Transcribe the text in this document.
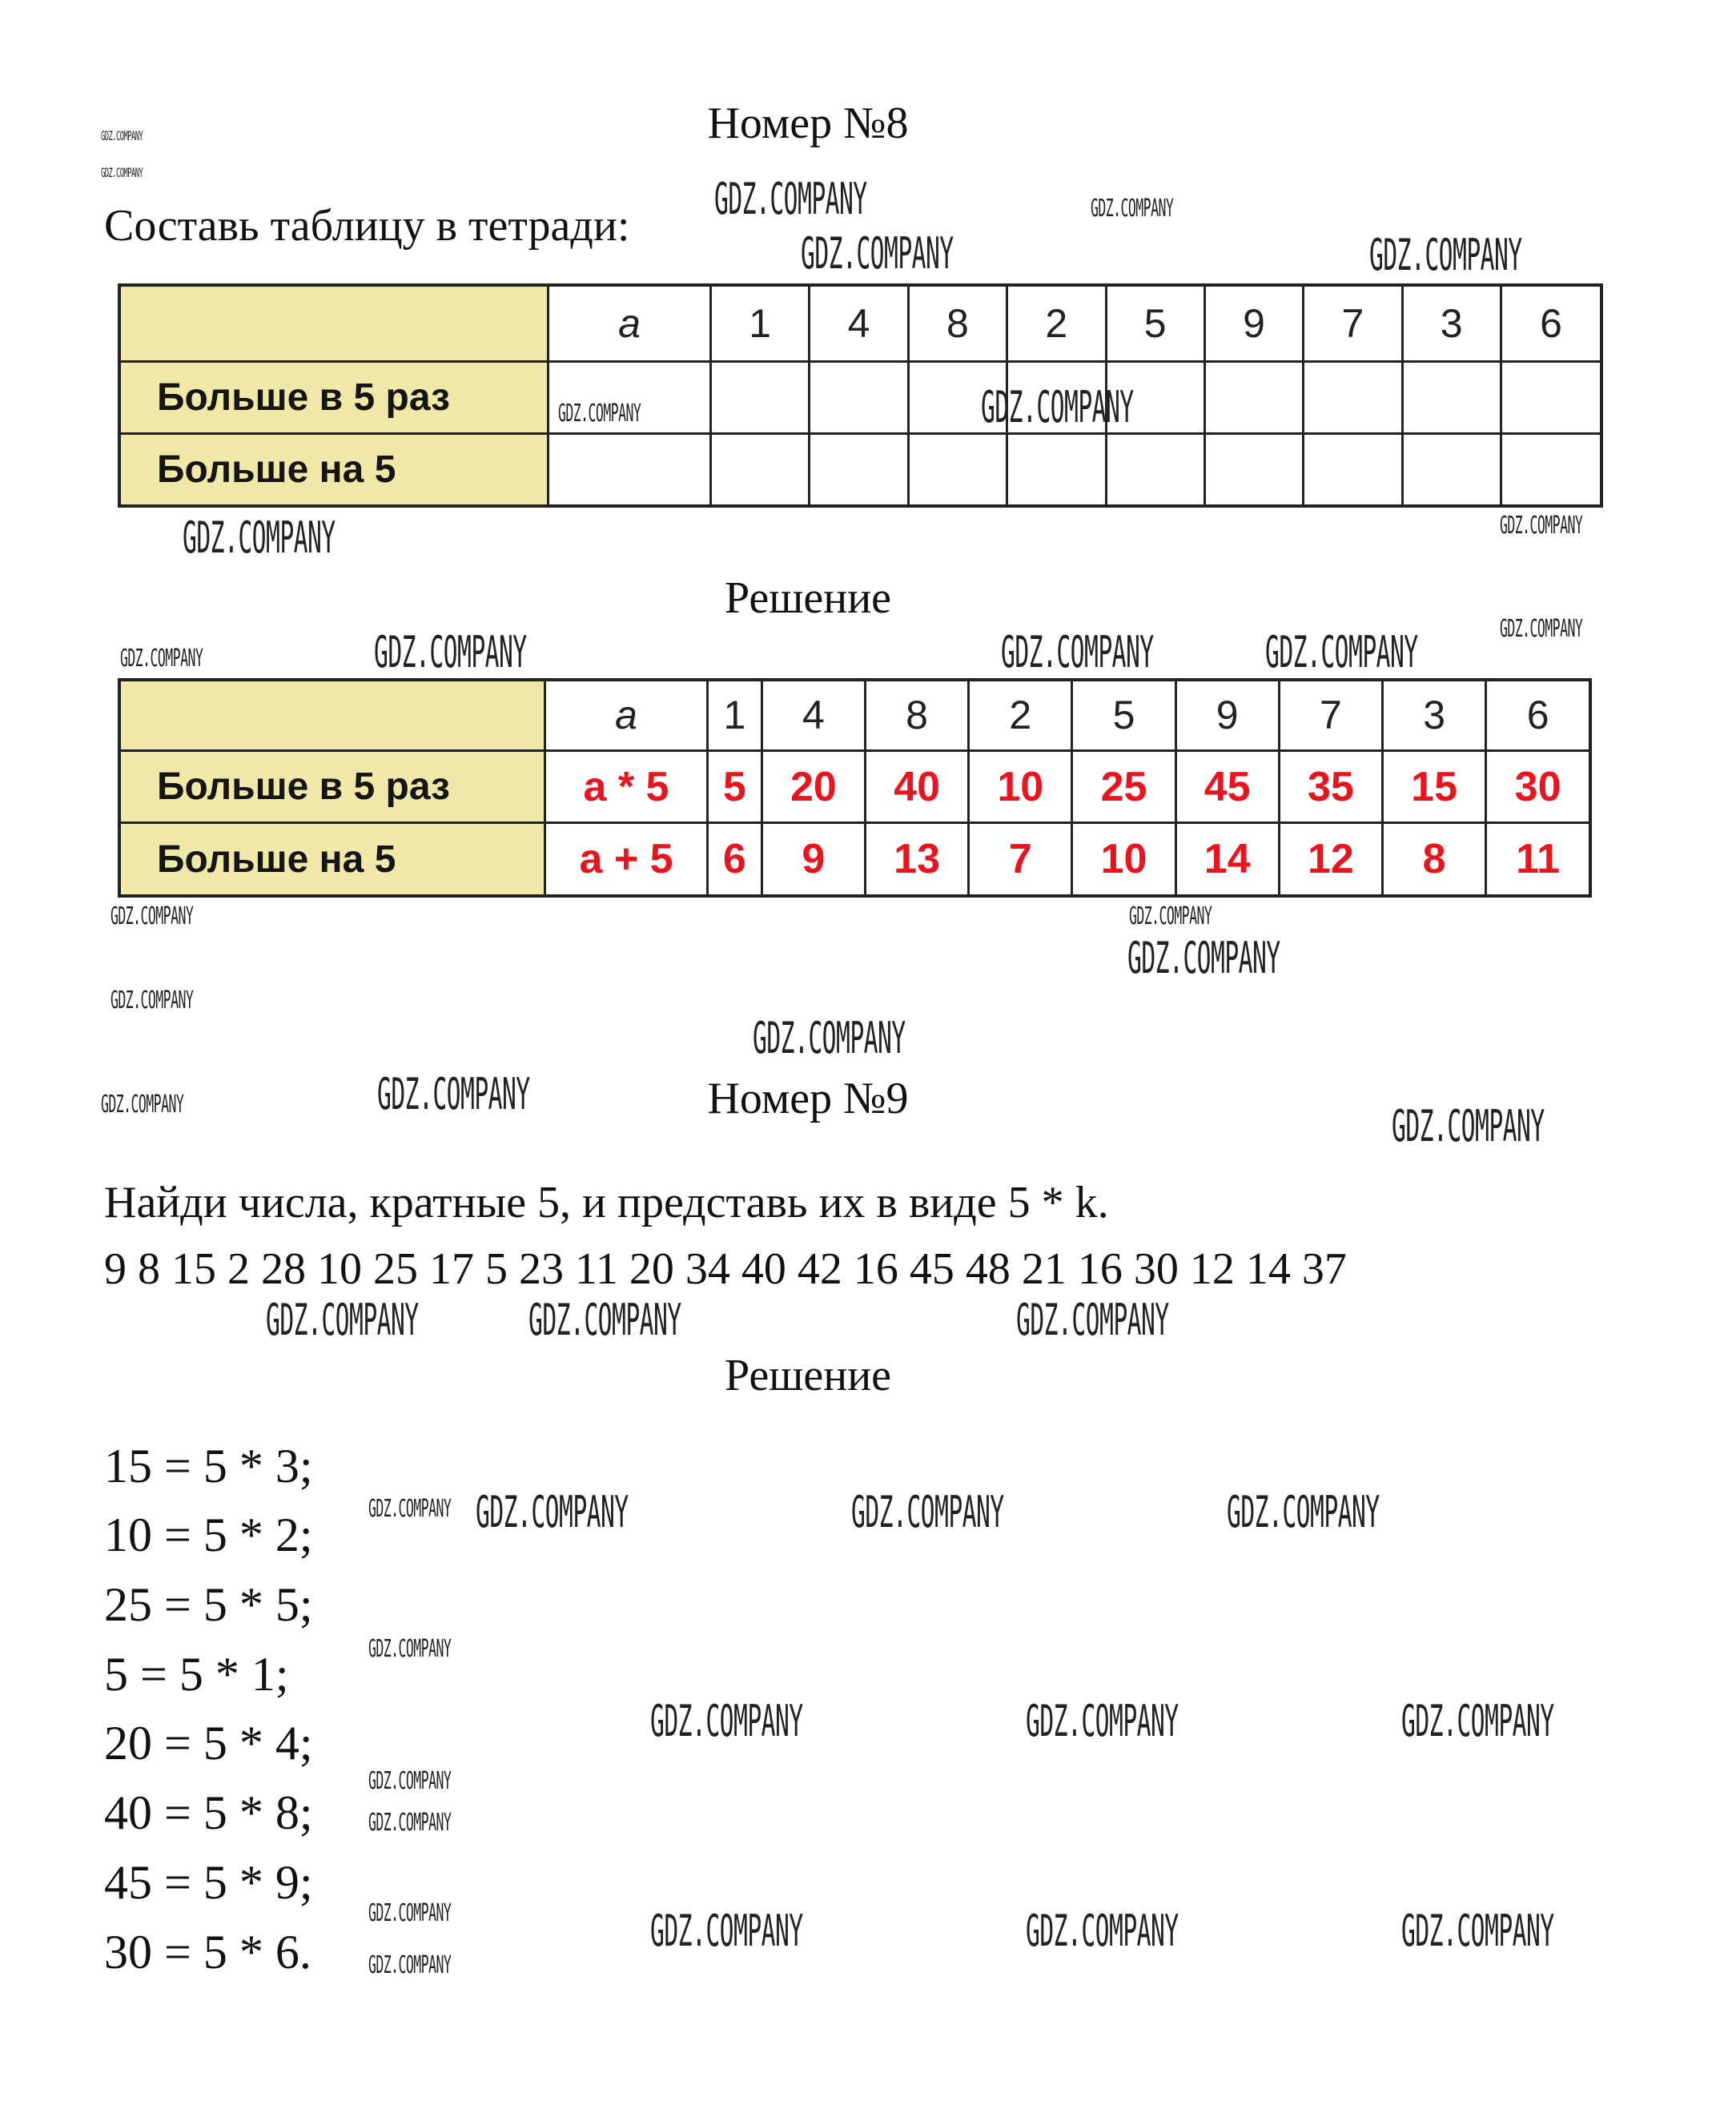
Номер №8
Составь таблицу в тетради:
	a	1	4	8	2	5	9	7	3	6
Больше в 5 раз										
Больше на 5										
Решение
	a	1	4	8	2	5	9	7	3	6
Больше в 5 раз	a * 5	5	20	40	10	25	45	35	15	30
Больше на 5	a + 5	6	9	13	7	10	14	12	8	11
Номер №9
Найди числа, кратные 5, и представь их в виде 5 * k.
9 8 15 2 28 10 25 17 5 23 11 20 34 40 42 16 45 48 21 16 30 12 14 37
Решение
15 = 5 * 3;
10 = 5 * 2;
25 = 5 * 5;
5 = 5 * 1;
20 = 5 * 4;
40 = 5 * 8;
45 = 5 * 9;
30 = 5 * 6.
GDZ.COMPANY
GDZ.COMPANY
GDZ.COMPANY
GDZ.COMPANY	GDZ.COMPANY
GDZ.COMPANY
GDZ.COMPANY	GDZ.COMPANY
GDZ.COMPANY	GDZ.COMPANY
GDZ.COMPANY
GDZ.COMPANY	GDZ.COMPANY	GDZ.COMPANY	GDZ.COMPANY
GDZ.COMPANY
GDZ.COMPANY
GDZ.COMPANY
GDZ.COMPANY
GDZ.COMPANY
GDZ.COMPANY	GDZ.COMPANY
GDZ.COMPANY
GDZ.COMPANY	GDZ.COMPANY	GDZ.COMPANY
GDZ.COMPANY GDZ.COMPANY	GDZ.COMPANY	GDZ.COMPANY
GDZ.COMPANY
GDZ.COMPANY	GDZ.COMPANY	GDZ.COMPANY
GDZ.COMPANY
GDZ.COMPANY
GDZ.COMPANY
GDZ.COMPANY
GDZ.COMPANY	GDZ.COMPANY	GDZ.COMPANY
